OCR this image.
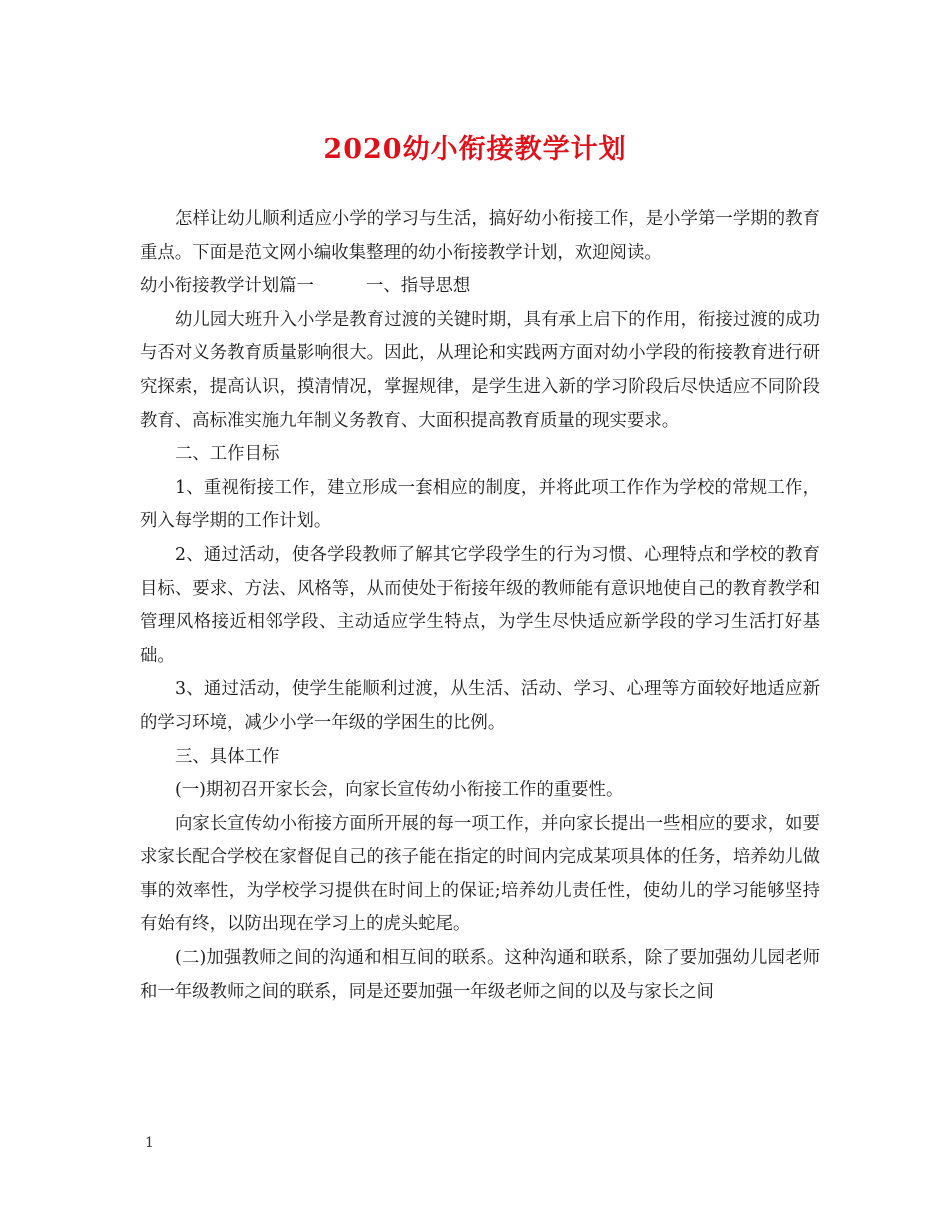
2020幼小衔接教学计划

怎样让幼儿顺利适应小学的学习与生活，搞好幼小衔接工作，是小学第一学期的教育重点。下面是范文网小编收集整理的幼小衔接教学计划，欢迎阅读。

幼小衔接教学计划篇一	一、指导思想

幼儿园大班升入小学是教育过渡的关键时期，具有承上启下的作用，衔接过渡的成功与否对义务教育质量影响很大。因此，从理论和实践两方面对幼小学段的衔接教育进行研究探索，提高认识，摸清情况，掌握规律，是学生进入新的学习阶段后尽快适应不同阶段教育、高标准实施九年制义务教育、大面积提高教育质量的现实要求。

二、工作目标

1、重视衔接工作，建立形成一套相应的制度，并将此项工作作为学校的常规工作，列入每学期的工作计划。

2、通过活动，使各学段教师了解其它学段学生的行为习惯、心理特点和学校的教育目标、要求、方法、风格等，从而使处于衔接年级的教师能有意识地使自己的教育教学和管理风格接近相邻学段、主动适应学生特点，为学生尽快适应新学段的学习生活打好基础。

3、通过活动，使学生能顺利过渡，从生活、活动、学习、心理等方面较好地适应新的学习环境，减少小学一年级的学困生的比例。

三、具体工作

(一)期初召开家长会，向家长宣传幼小衔接工作的重要性。

向家长宣传幼小衔接方面所开展的每一项工作，并向家长提出一些相应的要求，如要求家长配合学校在家督促自己的孩子能在指定的时间内完成某项具体的任务，培养幼儿做事的效率性，为学校学习提供在时间上的保证;培养幼儿责任性，使幼儿的学习能够坚持有始有终，以防出现在学习上的虎头蛇尾。

(二)加强教师之间的沟通和相互间的联系。这种沟通和联系，除了要加强幼儿园老师和一年级教师之间的联系，同是还要加强一年级老师之间的以及与家长之间

1
